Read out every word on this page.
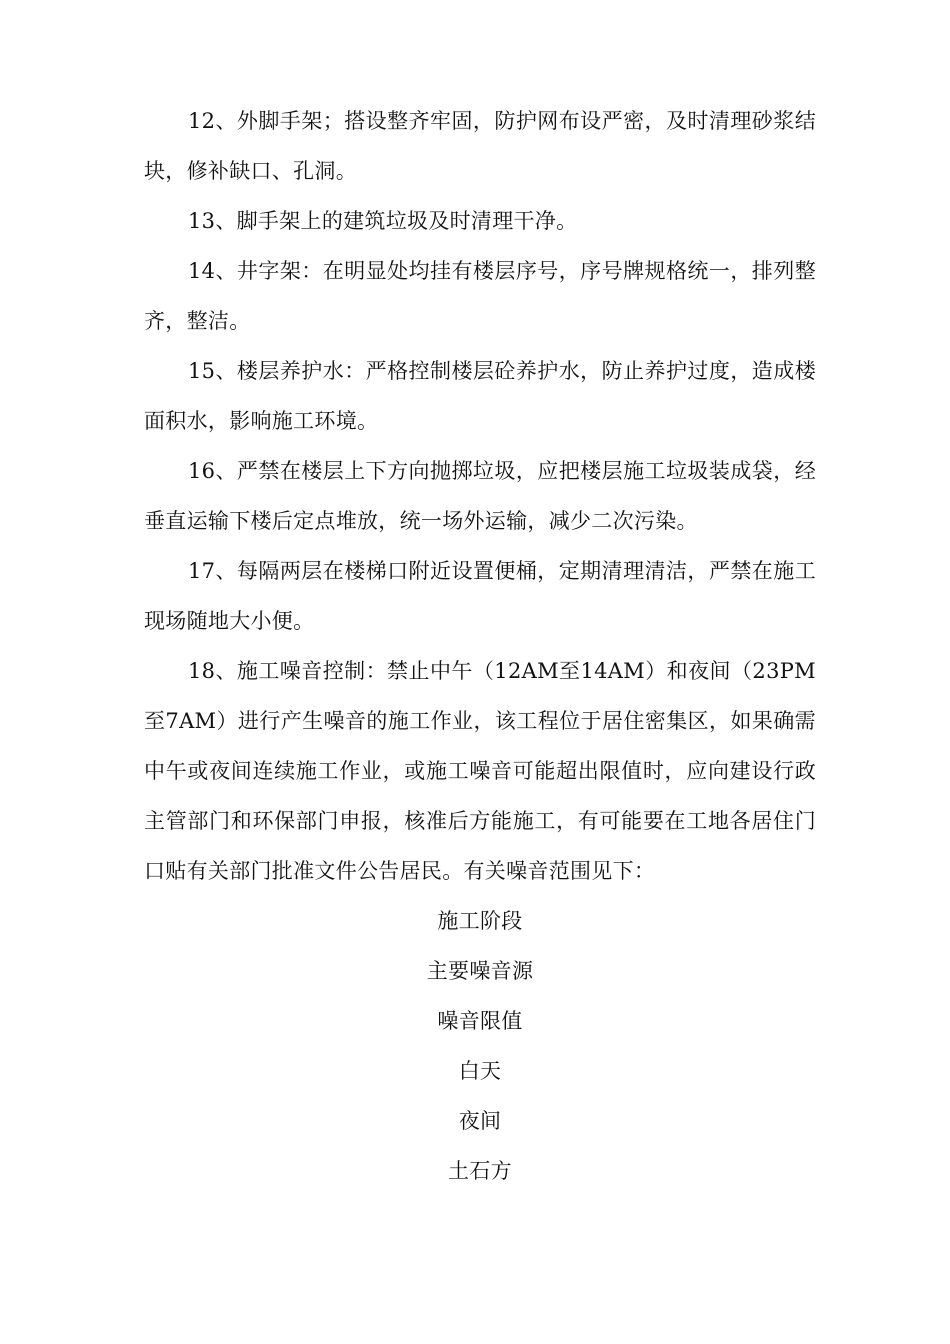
12、外脚手架；搭设整齐牢固，防护网布设严密，及时清理砂浆结块，修补缺口、孔洞。

13、脚手架上的建筑垃圾及时清理干净。

14、井字架：在明显处均挂有楼层序号，序号牌规格统一，排列整齐，整洁。

15、楼层养护水：严格控制楼层砼养护水，防止养护过度，造成楼面积水，影响施工环境。

16、严禁在楼层上下方向抛掷垃圾，应把楼层施工垃圾装成袋，经垂直运输下楼后定点堆放，统一场外运输，减少二次污染。

17、每隔两层在楼梯口附近设置便桶，定期清理清洁，严禁在施工现场随地大小便。

18、施工噪音控制：禁止中午（12AM至14AM）和夜间（23PM至7AM）进行产生噪音的施工作业，该工程位于居住密集区，如果确需中午或夜间连续施工作业，或施工噪音可能超出限值时，应向建设行政主管部门和环保部门申报，核准后方能施工，有可能要在工地各居住门口贴有关部门批准文件公告居民。有关噪音范围见下：

施工阶段
主要噪音源
噪音限值
白天
夜间
土石方
